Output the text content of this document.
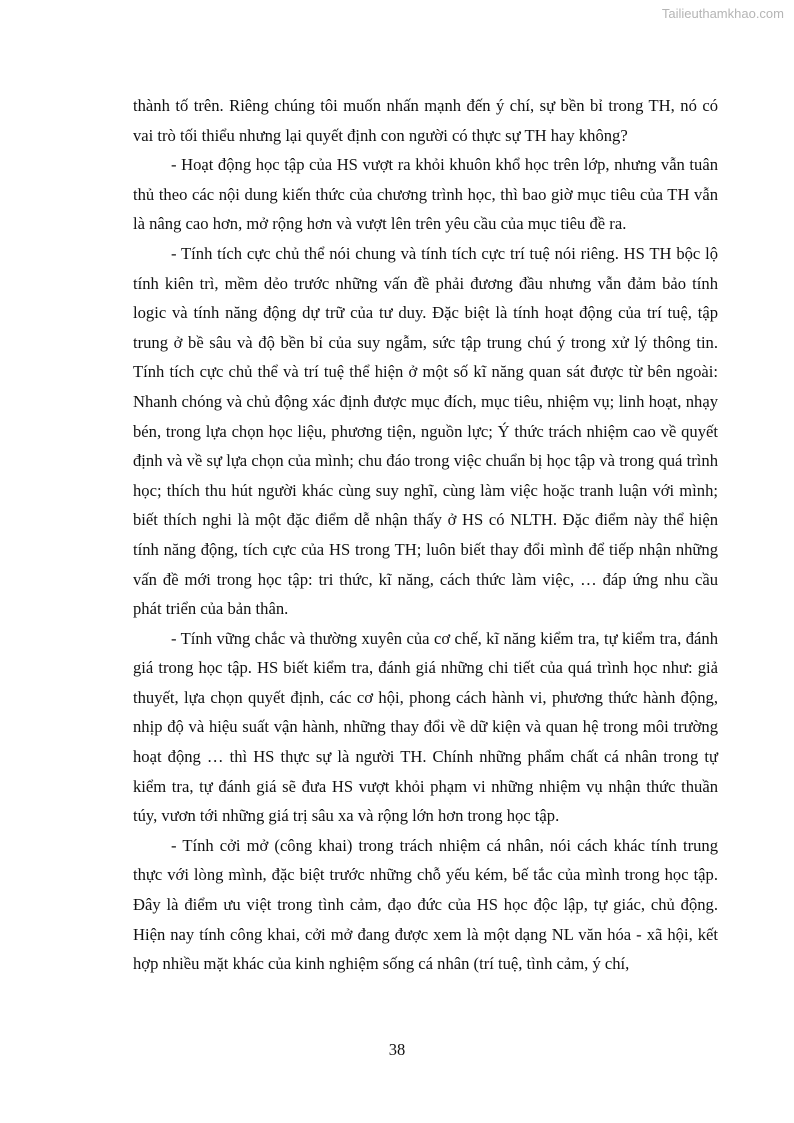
Tailieuthamkhao.com

thành tố trên. Riêng chúng tôi muốn nhấn mạnh đến ý chí, sự bền bỉ trong TH, nó có vai trò tối thiểu nhưng lại quyết định con người có thực sự TH hay không?

- Hoạt động học tập của HS vượt ra khỏi khuôn khổ học trên lớp, nhưng vẫn tuân thủ theo các nội dung kiến thức của chương trình học, thì bao giờ mục tiêu của TH vẫn là nâng cao hơn, mở rộng hơn và vượt lên trên yêu cầu của mục tiêu đề ra.

- Tính tích cực chủ thể nói chung và tính tích cực trí tuệ nói riêng. HS TH bộc lộ tính kiên trì, mềm dẻo trước những vấn đề phải đương đầu nhưng vẫn đảm bảo tính logic và tính năng động dự trữ của tư duy. Đặc biệt là tính hoạt động của trí tuệ, tập trung ở bề sâu và độ bền bỉ của suy ngẫm, sức tập trung chú ý trong xử lý thông tin. Tính tích cực chủ thể và trí tuệ thể hiện ở một số kĩ năng quan sát được từ bên ngoài: Nhanh chóng và chủ động xác định được mục đích, mục tiêu, nhiệm vụ; linh hoạt, nhạy bén, trong lựa chọn học liệu, phương tiện, nguồn lực; Ý thức trách nhiệm cao về quyết định và về sự lựa chọn của mình; chu đáo trong việc chuẩn bị học tập và trong quá trình học; thích thu hút người khác cùng suy nghĩ, cùng làm việc hoặc tranh luận với mình; biết thích nghi là một đặc điểm dễ nhận thấy ở HS có NLTH. Đặc điểm này thể hiện tính năng động, tích cực của HS trong TH; luôn biết thay đổi mình để tiếp nhận những vấn đề mới trong học tập: tri thức, kĩ năng, cách thức làm việc, … đáp ứng nhu cầu phát triển của bản thân.

- Tính vững chắc và thường xuyên của cơ chế, kĩ năng kiểm tra, tự kiểm tra, đánh giá trong học tập. HS biết kiểm tra, đánh giá những chi tiết của quá trình học như: giả thuyết, lựa chọn quyết định, các cơ hội, phong cách hành vi, phương thức hành động, nhịp độ và hiệu suất vận hành, những thay đổi về dữ kiện và quan hệ trong môi trường hoạt động … thì HS thực sự là người TH. Chính những phẩm chất cá nhân trong tự kiểm tra, tự đánh giá sẽ đưa HS vượt khỏi phạm vi những nhiệm vụ nhận thức thuần túy, vươn tới những giá trị sâu xa và rộng lớn hơn trong học tập.

- Tính cởi mở (công khai) trong trách nhiệm cá nhân, nói cách khác tính trung thực với lòng mình, đặc biệt trước những chỗ yếu kém, bế tắc của mình trong học tập. Đây là điểm ưu việt trong tình cảm, đạo đức của HS học độc lập, tự giác, chủ động. Hiện nay tính công khai, cởi mở đang được xem là một dạng NL văn hóa - xã hội, kết hợp nhiều mặt khác của kinh nghiệm sống cá nhân (trí tuệ, tình cảm, ý chí,

38
